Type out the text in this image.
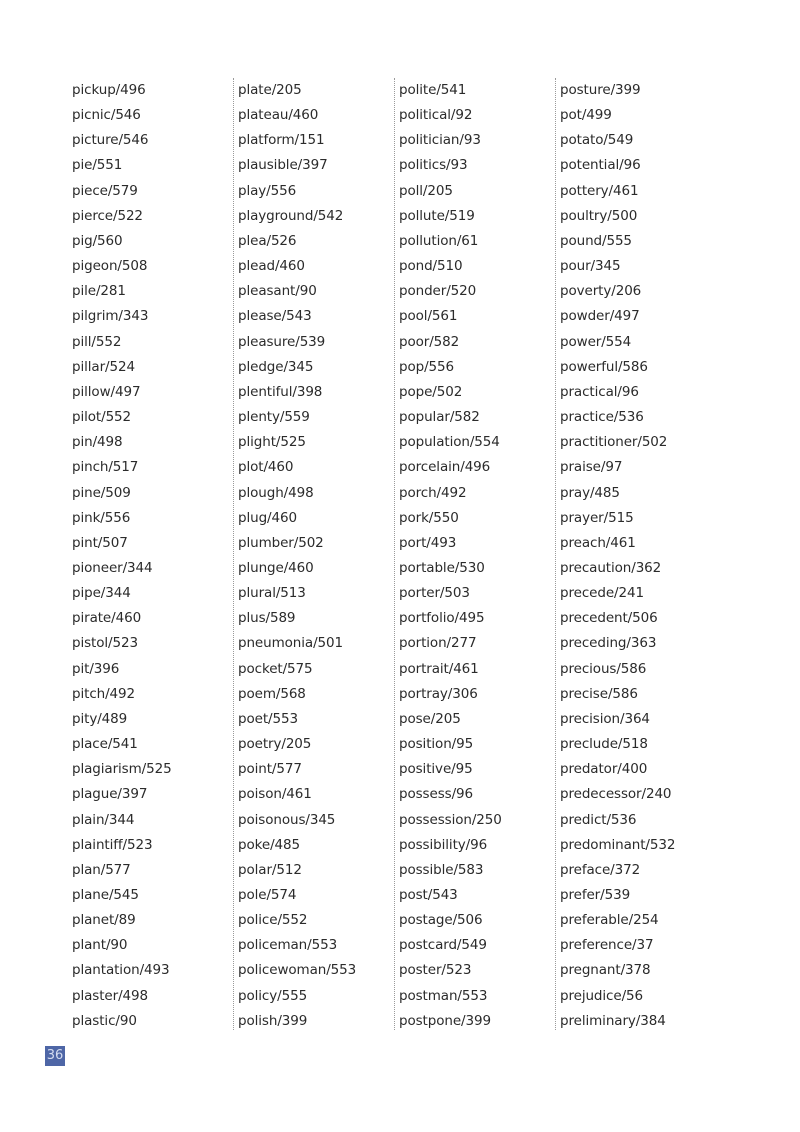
pickup/496
picnic/546
picture/546
pie/551
piece/579
pierce/522
pig/560
pigeon/508
pile/281
pilgrim/343
pill/552
pillar/524
pillow/497
pilot/552
pin/498
pinch/517
pine/509
pink/556
pint/507
pioneer/344
pipe/344
pirate/460
pistol/523
pit/396
pitch/492
pity/489
place/541
plagiarism/525
plague/397
plain/344
plaintiff/523
plan/577
plane/545
planet/89
plant/90
plantation/493
plaster/498
plastic/90
plate/205
plateau/460
platform/151
plausible/397
play/556
playground/542
plea/526
plead/460
pleasant/90
please/543
pleasure/539
pledge/345
plentiful/398
plenty/559
plight/525
plot/460
plough/498
plug/460
plumber/502
plunge/460
plural/513
plus/589
pneumonia/501
pocket/575
poem/568
poet/553
poetry/205
point/577
poison/461
poisonous/345
poke/485
polar/512
pole/574
police/552
policeman/553
policewoman/553
policy/555
polish/399
polite/541
political/92
politician/93
politics/93
poll/205
pollute/519
pollution/61
pond/510
ponder/520
pool/561
poor/582
pop/556
pope/502
popular/582
population/554
porcelain/496
porch/492
pork/550
port/493
portable/530
porter/503
portfolio/495
portion/277
portrait/461
portray/306
pose/205
position/95
positive/95
possess/96
possession/250
possibility/96
possible/583
post/543
postage/506
postcard/549
poster/523
postman/553
postpone/399
posture/399
pot/499
potato/549
potential/96
pottery/461
poultry/500
pound/555
pour/345
poverty/206
powder/497
power/554
powerful/586
practical/96
practice/536
practitioner/502
praise/97
pray/485
prayer/515
preach/461
precaution/362
precede/241
precedent/506
preceding/363
precious/586
precise/586
precision/364
preclude/518
predator/400
predecessor/240
predict/536
predominant/532
preface/372
prefer/539
preferable/254
preference/37
pregnant/378
prejudice/56
preliminary/384
36
